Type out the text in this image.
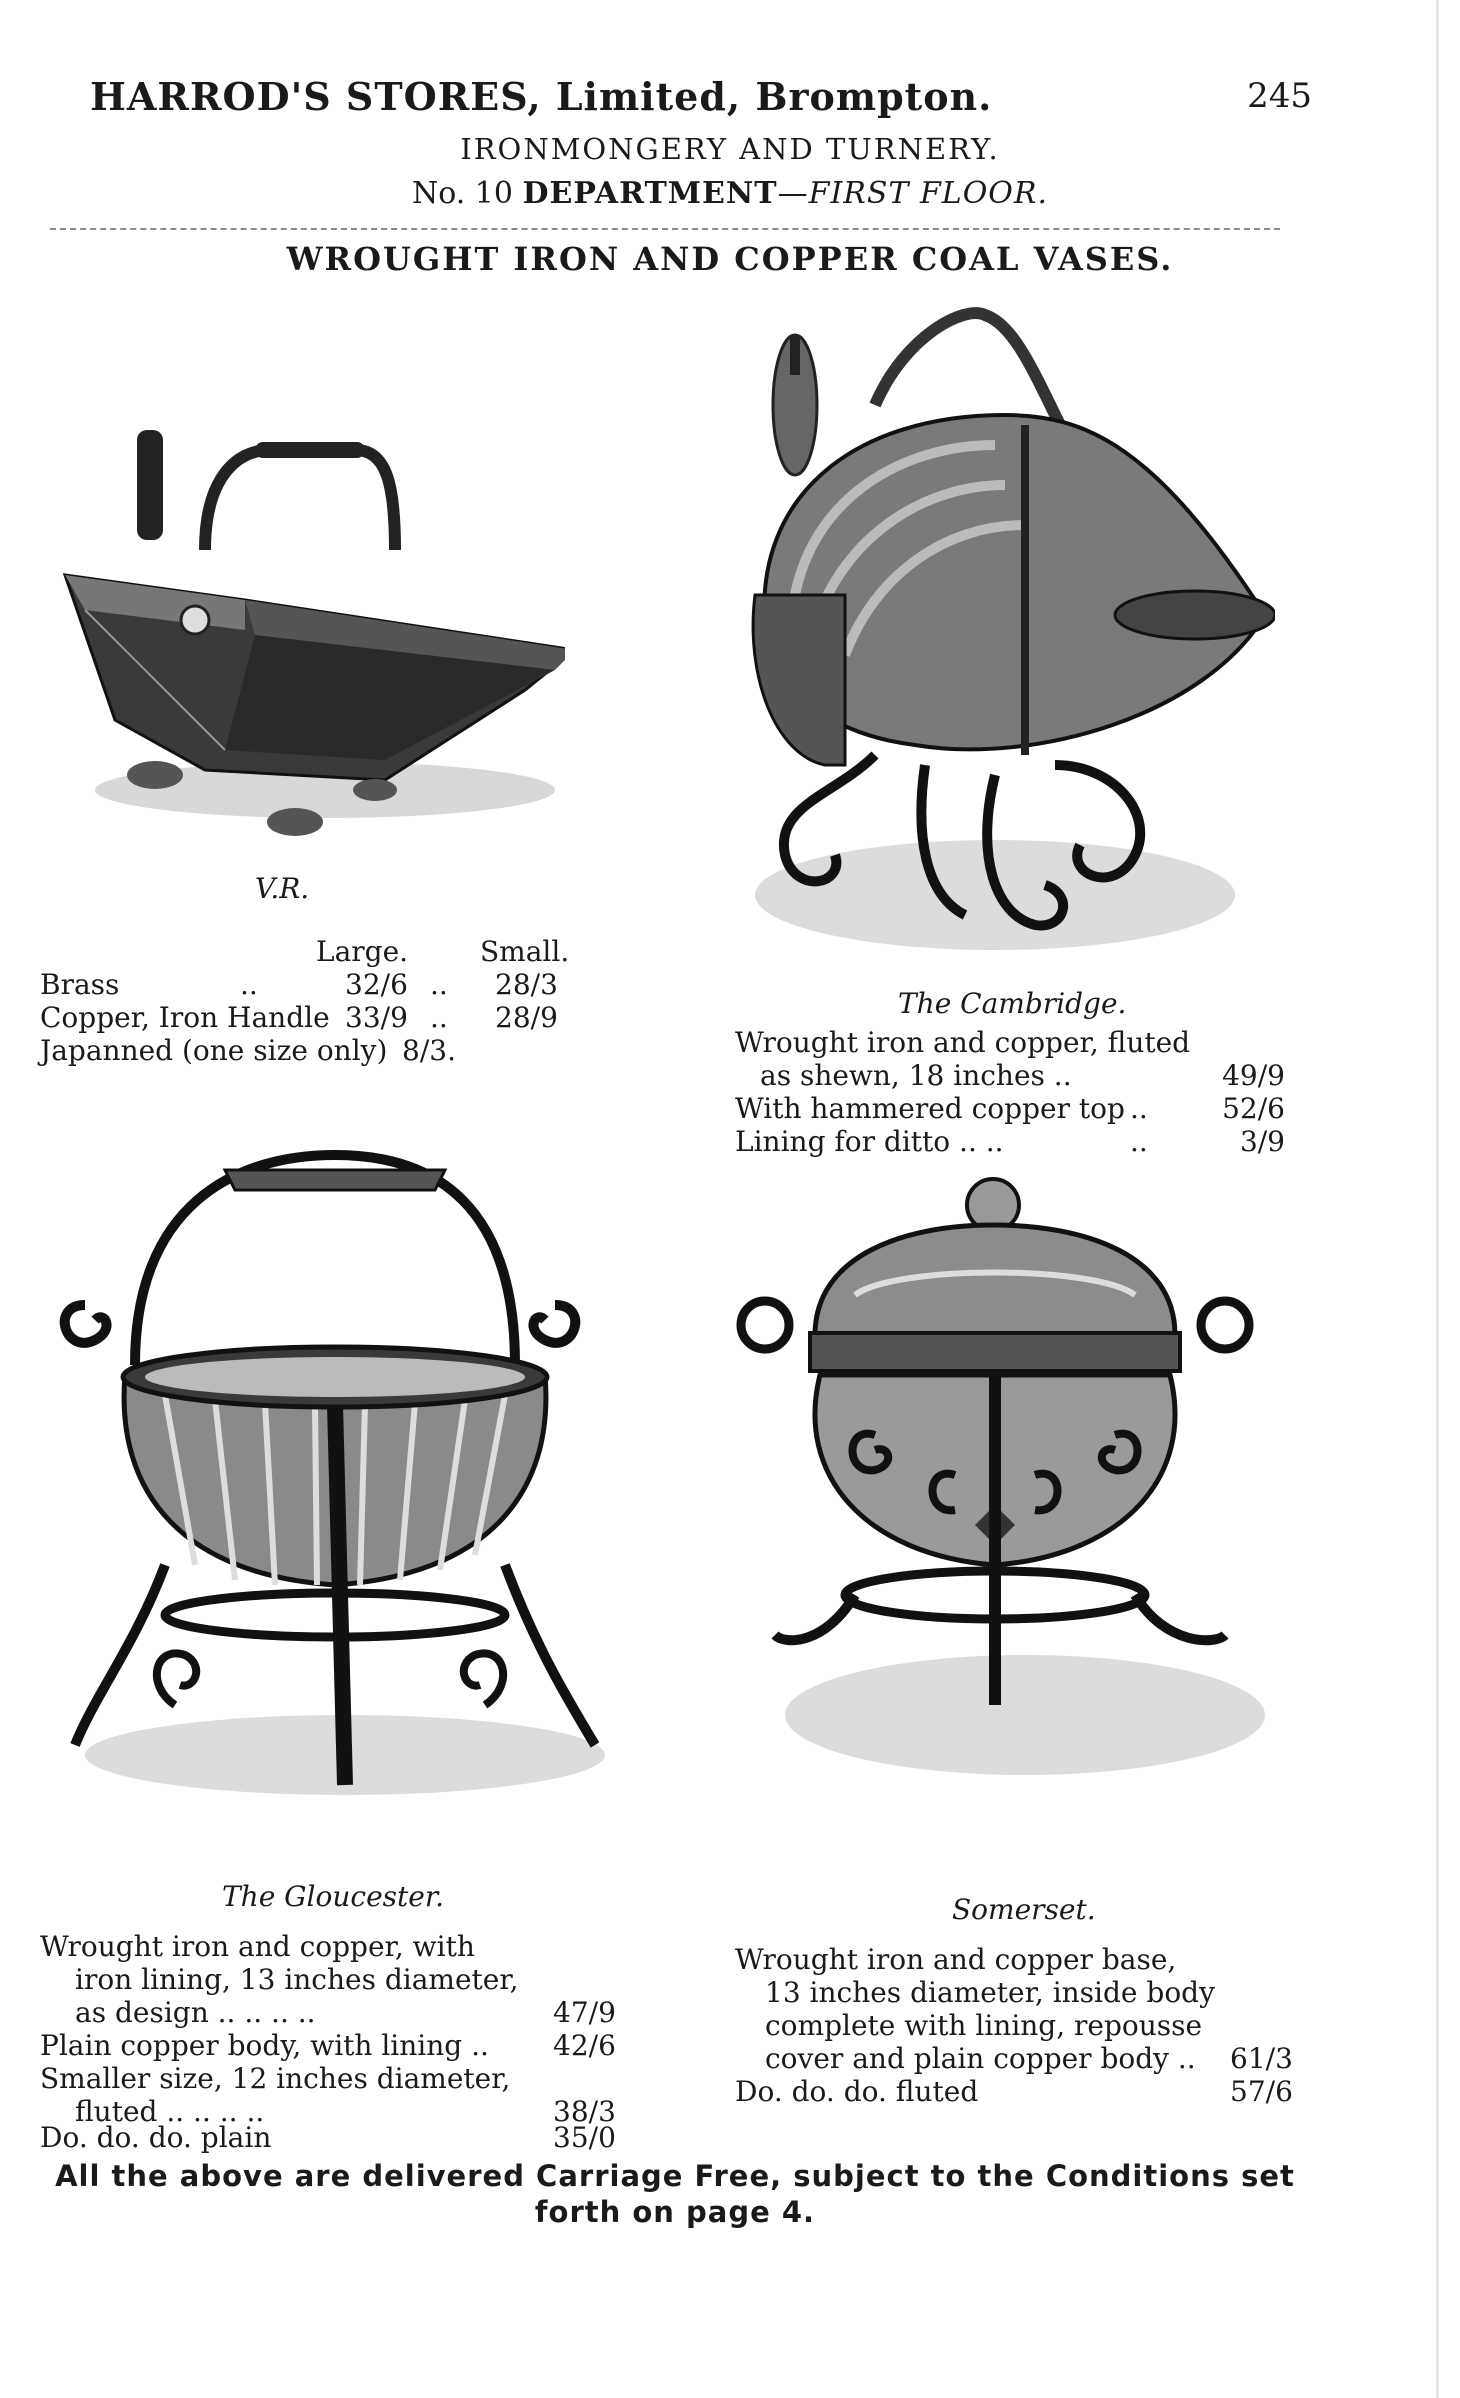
HARROD'S STORES, Limited, Brompton.	245
IRONMONGERY AND TURNERY.
No. 10 DEPARTMENT—FIRST FLOOR.
WROUGHT IRON AND COPPER COAL VASES.
V.R.
Large.	Small.
Brass	..	32/6 .. 28/3
Copper, Iron Handle 33/9 .. 28/9
Japanned (one size only) 8/3.
The Cambridge.
Wrought iron and copper, fluted
as shewn, 18 inches ..	49/9
With hammered copper top ..	52/6
Lining for ditto .. ..	..	3/9
The Gloucester.
Wrought iron and copper, with
iron lining, 13 inches diameter,
as design .. .. .. ..	47/9
Plain copper body, with lining .. 42/6
Smaller size, 12 inches diameter,
fluted .. .. .. ..	38/3
Do. do. do. plain	35/0
Somerset.
Wrought iron and copper base,
13 inches diameter, inside body
complete with lining, repousse
cover and plain copper body .. 61/3
Do. do. do. fluted	57/6
All the above are delivered Carriage Free, subject to the Conditions set
forth on page 4.
